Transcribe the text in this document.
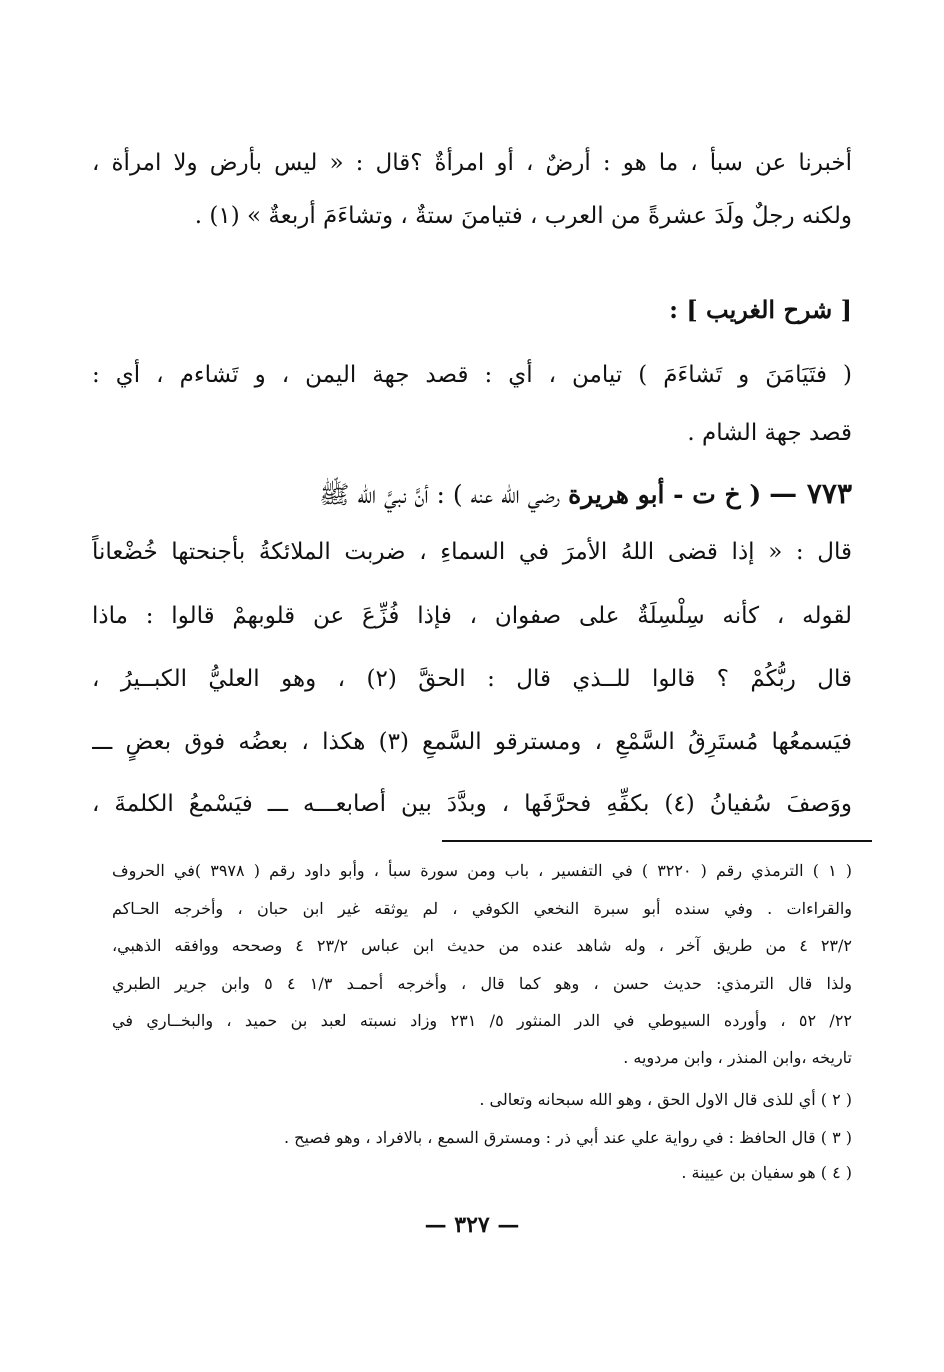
أخبرنا عن سبأ ، ما هو : أرضٌ ، أو امرأةٌ ؟قال : « ليس بأرض ولا امرأة ،
ولكنه رجلٌ ولَدَ عشرةً من العرب ، فتيامنَ ستةٌ ، وتشاءَمَ أربعةٌ » (١) .
[ شرح الغريب ] :
( فتَيَامَنَ و تَشاءَمَ ) تيامن ، أي : قصد جهة اليمن ، و تَشاءم ، أي :
قصد جهة الشام .
٧٧٣ — ( خ ت - أبو هريرة رضي الله عنه ) : أنَّ نبيَّ الله ﷺ
قال : « إذا قضى اللهُ الأمرَ في السماءِ ، ضربت الملائكةُ بأجنحتها خُضْعاناً
لقوله ، كأنه سِلْسِلَةٌ على صفوان ، فإذا فُزِّعَ عن قلوبهمْ قالوا : ماذا
قال ربُّكُمْ ؟ قالوا للــذي قال : الحقَّ (٢) ، وهو العليُّ الكبــيرُ ،
فيَسمعُها مُستَرِقُ السَّمْعِ ، ومسترقو السَّمعِ (٣) هكذا ، بعضُه فوق بعضٍ ـــ
ووَصفَ سُفيانُ (٤) بكفِّهِ فحرَّفَها ، وبدَّدَ بين أصابعـــه ـــ فيَسْمعُ الكلمةَ ،
( ١ ) الترمذي رقم ( ٣٢٢٠ ) في التفسير ، باب ومن سورة سبأ ، وأبو داود رقم ( ٣٩٧٨ )في الحروف
والقراءات . وفي سنده أبو سبرة النخعي الكوفي ، لم يوثقه غير ابن حبان ، وأخرجه الحـاكم
٢٣/٢ ٤ من طريق آخر ، وله شاهد عنده من حديث ابن عباس ٢٣/٢ ٤ وصححه ووافقه الذهبي،
ولذا قال الترمذي: حديث حسن ، وهو كما قال ، وأخرجه أحمـد ١/٣ ٤ ٥ وابن جرير الطبري
٢٢/ ٥٢ ، وأورده السيوطي في الدر المنثور ٥/ ٢٣١ وزاد نسبته لعبد بن حميد ، والبخــاري في
تاريخه ،وابن المنذر ، وابن مردويه .
( ٢ ) أي للذى قال الاول الحق ، وهو الله سبحانه وتعالى .
( ٣ ) قال الحافظ : في رواية علي عند أبي ذر : ومسترق السمع ، بالافراد ، وهو فصيح .
( ٤ ) هو سفيان بن عيينة .
— ٣٢٧ —
